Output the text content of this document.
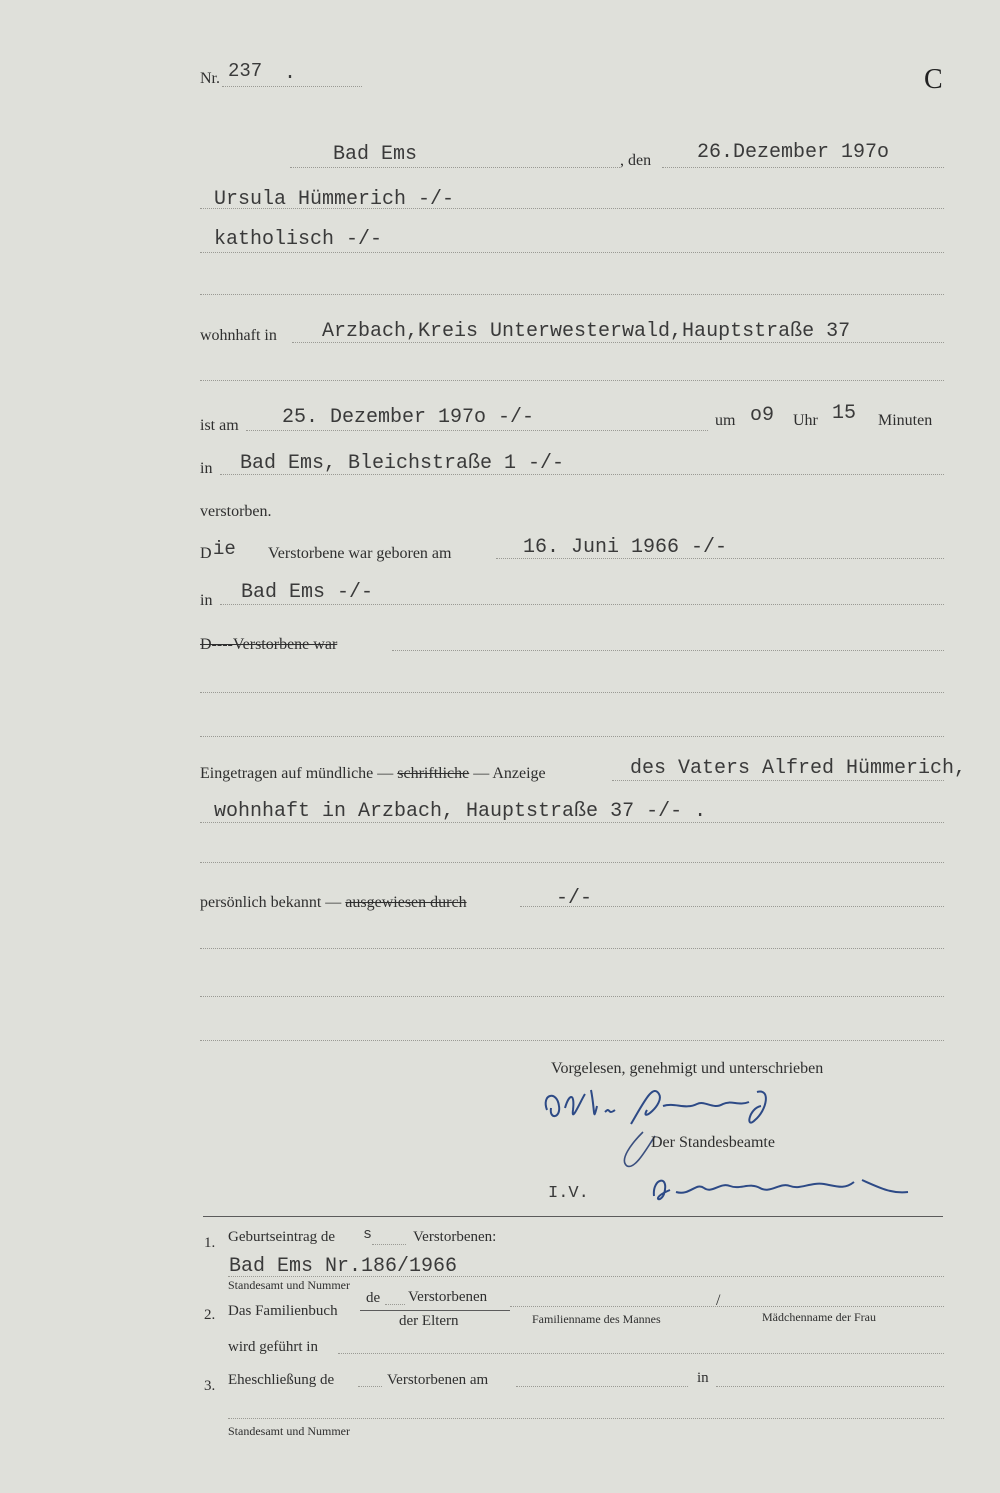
Nr. 237 .	C
Bad Ems	, den 26.Dezember 197o
Ursula Hümmerich -/-
katholisch -/-
wohnhaft in Arzbach,Kreis Unterwesterwald,Hauptstraße 37
ist am 25. Dezember 197o -/-	um o9 Uhr 15 Minuten
in Bad Ems, Bleichstraße 1 -/-
verstorben.
D ie Verstorbene war geboren am	16. Juni 1966 -/-
in Bad Ems -/-
D----Verstorbene war
Eingetragen auf mündliche — schriftliche — Anzeige	des Vaters Alfred Hümmerich,
wohnhaft in Arzbach, Hauptstraße 37 -/- .
persönlich bekannt — ausgewiesen durch	-/-
Vorgelesen, genehmigt und unterschrieben
Der Standesbeamte
I.V.
1. Geburtseintrag de s	Verstorbenen:
Bad Ems Nr.186/1966
Standesamt und Nummer
2. Das Familienbuch
de Verstorbenen
der Eltern	Familienname des Mannes
/
Mädchenname der Frau
wird geführt in
3. Eheschließung de	Verstorbenen am	in
Standesamt und Nummer
